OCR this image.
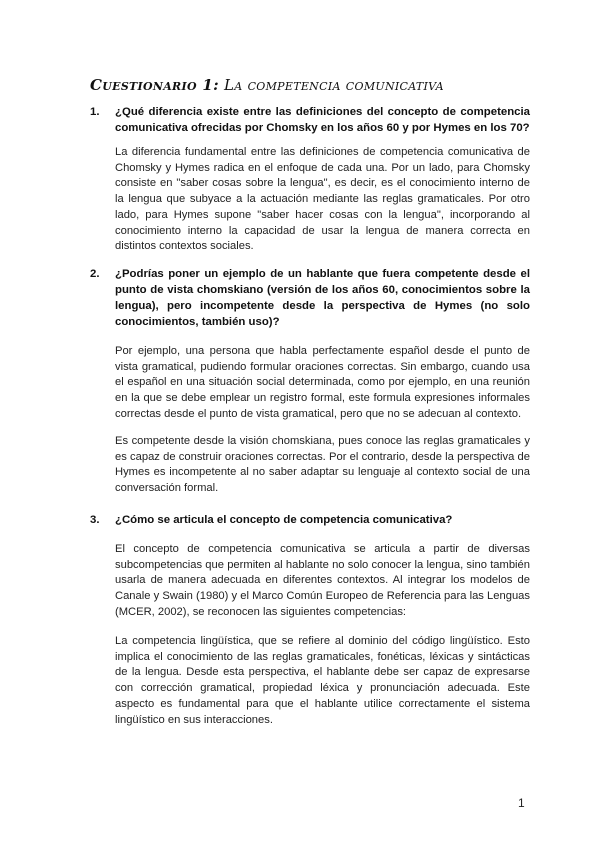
Cuestionario 1: La competencia comunicativa
1. ¿Qué diferencia existe entre las definiciones del concepto de competencia comunicativa ofrecidas por Chomsky en los años 60 y por Hymes en los 70?
La diferencia fundamental entre las definiciones de competencia comunicativa de Chomsky y Hymes radica en el enfoque de cada una. Por un lado, para Chomsky consiste en "saber cosas sobre la lengua", es decir, es el conocimiento interno de la lengua que subyace a la actuación mediante las reglas gramaticales. Por otro lado, para Hymes supone "saber hacer cosas con la lengua", incorporando al conocimiento interno la capacidad de usar la lengua de manera correcta en distintos contextos sociales.
2. ¿Podrías poner un ejemplo de un hablante que fuera competente desde el punto de vista chomskiano (versión de los años 60, conocimientos sobre la lengua), pero incompetente desde la perspectiva de Hymes (no solo conocimientos, también uso)?
Por ejemplo, una persona que habla perfectamente español desde el punto de vista gramatical, pudiendo formular oraciones correctas. Sin embargo, cuando usa el español en una situación social determinada, como por ejemplo, en una reunión en la que se debe emplear un registro formal, este formula expresiones informales correctas desde el punto de vista gramatical, pero que no se adecuan al contexto.
Es competente desde la visión chomskiana, pues conoce las reglas gramaticales y es capaz de construir oraciones correctas. Por el contrario, desde la perspectiva de Hymes es incompetente al no saber adaptar su lenguaje al contexto social de una conversación formal.
3. ¿Cómo se articula el concepto de competencia comunicativa?
El concepto de competencia comunicativa se articula a partir de diversas subcompetencias que permiten al hablante no solo conocer la lengua, sino también usarla de manera adecuada en diferentes contextos. Al integrar los modelos de Canale y Swain (1980) y el Marco Común Europeo de Referencia para las Lenguas (MCER, 2002), se reconocen las siguientes competencias:
La competencia lingüística, que se refiere al dominio del código lingüístico. Esto implica el conocimiento de las reglas gramaticales, fonéticas, léxicas y sintácticas de la lengua. Desde esta perspectiva, el hablante debe ser capaz de expresarse con corrección gramatical, propiedad léxica y pronunciación adecuada. Este aspecto es fundamental para que el hablante utilice correctamente el sistema lingüístico en sus interacciones.
1
